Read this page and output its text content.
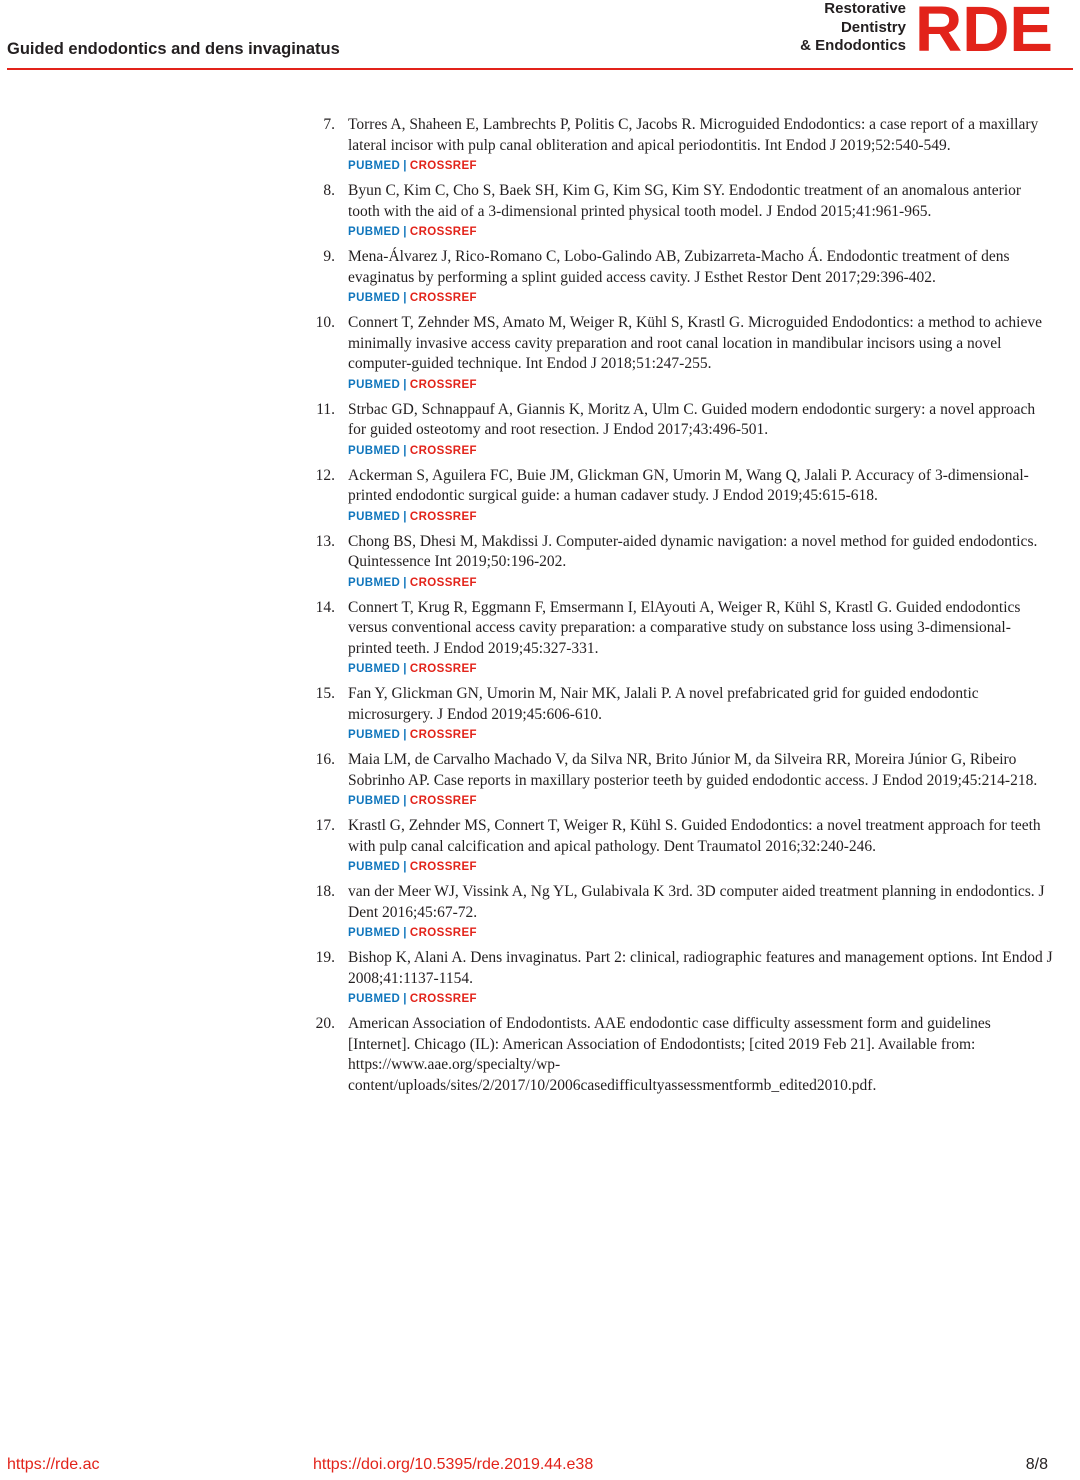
Guided endodontics and dens invaginatus
Restorative
Dentistry
& Endodontics RDE
7. Torres A, Shaheen E, Lambrechts P, Politis C, Jacobs R. Microguided Endodontics: a case report of a maxillary lateral incisor with pulp canal obliteration and apical periodontitis. Int Endod J 2019;52:540-549.
PUBMED | CROSSREF
8. Byun C, Kim C, Cho S, Baek SH, Kim G, Kim SG, Kim SY. Endodontic treatment of an anomalous anterior tooth with the aid of a 3-dimensional printed physical tooth model. J Endod 2015;41:961-965.
PUBMED | CROSSREF
9. Mena-Álvarez J, Rico-Romano C, Lobo-Galindo AB, Zubizarreta-Macho Á. Endodontic treatment of dens evaginatus by performing a splint guided access cavity. J Esthet Restor Dent 2017;29:396-402.
PUBMED | CROSSREF
10. Connert T, Zehnder MS, Amato M, Weiger R, Kühl S, Krastl G. Microguided Endodontics: a method to achieve minimally invasive access cavity preparation and root canal location in mandibular incisors using a novel computer-guided technique. Int Endod J 2018;51:247-255.
PUBMED | CROSSREF
11. Strbac GD, Schnappauf A, Giannis K, Moritz A, Ulm C. Guided modern endodontic surgery: a novel approach for guided osteotomy and root resection. J Endod 2017;43:496-501.
PUBMED | CROSSREF
12. Ackerman S, Aguilera FC, Buie JM, Glickman GN, Umorin M, Wang Q, Jalali P. Accuracy of 3-dimensional-printed endodontic surgical guide: a human cadaver study. J Endod 2019;45:615-618.
PUBMED | CROSSREF
13. Chong BS, Dhesi M, Makdissi J. Computer-aided dynamic navigation: a novel method for guided endodontics. Quintessence Int 2019;50:196-202.
PUBMED | CROSSREF
14. Connert T, Krug R, Eggmann F, Emsermann I, ElAyouti A, Weiger R, Kühl S, Krastl G. Guided endodontics versus conventional access cavity preparation: a comparative study on substance loss using 3-dimensional-printed teeth. J Endod 2019;45:327-331.
PUBMED | CROSSREF
15. Fan Y, Glickman GN, Umorin M, Nair MK, Jalali P. A novel prefabricated grid for guided endodontic microsurgery. J Endod 2019;45:606-610.
PUBMED | CROSSREF
16. Maia LM, de Carvalho Machado V, da Silva NR, Brito Júnior M, da Silveira RR, Moreira Júnior G, Ribeiro Sobrinho AP. Case reports in maxillary posterior teeth by guided endodontic access. J Endod 2019;45:214-218.
PUBMED | CROSSREF
17. Krastl G, Zehnder MS, Connert T, Weiger R, Kühl S. Guided Endodontics: a novel treatment approach for teeth with pulp canal calcification and apical pathology. Dent Traumatol 2016;32:240-246.
PUBMED | CROSSREF
18. van der Meer WJ, Vissink A, Ng YL, Gulabivala K 3rd. 3D computer aided treatment planning in endodontics. J Dent 2016;45:67-72.
PUBMED | CROSSREF
19. Bishop K, Alani A. Dens invaginatus. Part 2: clinical, radiographic features and management options. Int Endod J 2008;41:1137-1154.
PUBMED | CROSSREF
20. American Association of Endodontists. AAE endodontic case difficulty assessment form and guidelines [Internet]. Chicago (IL): American Association of Endodontists; [cited 2019 Feb 21]. Available from: https://www.aae.org/specialty/wp-content/uploads/sites/2/2017/10/2006casedifficultyassessmentformb_edited2010.pdf.
https://rde.ac	https://doi.org/10.5395/rde.2019.44.e38	8/8
